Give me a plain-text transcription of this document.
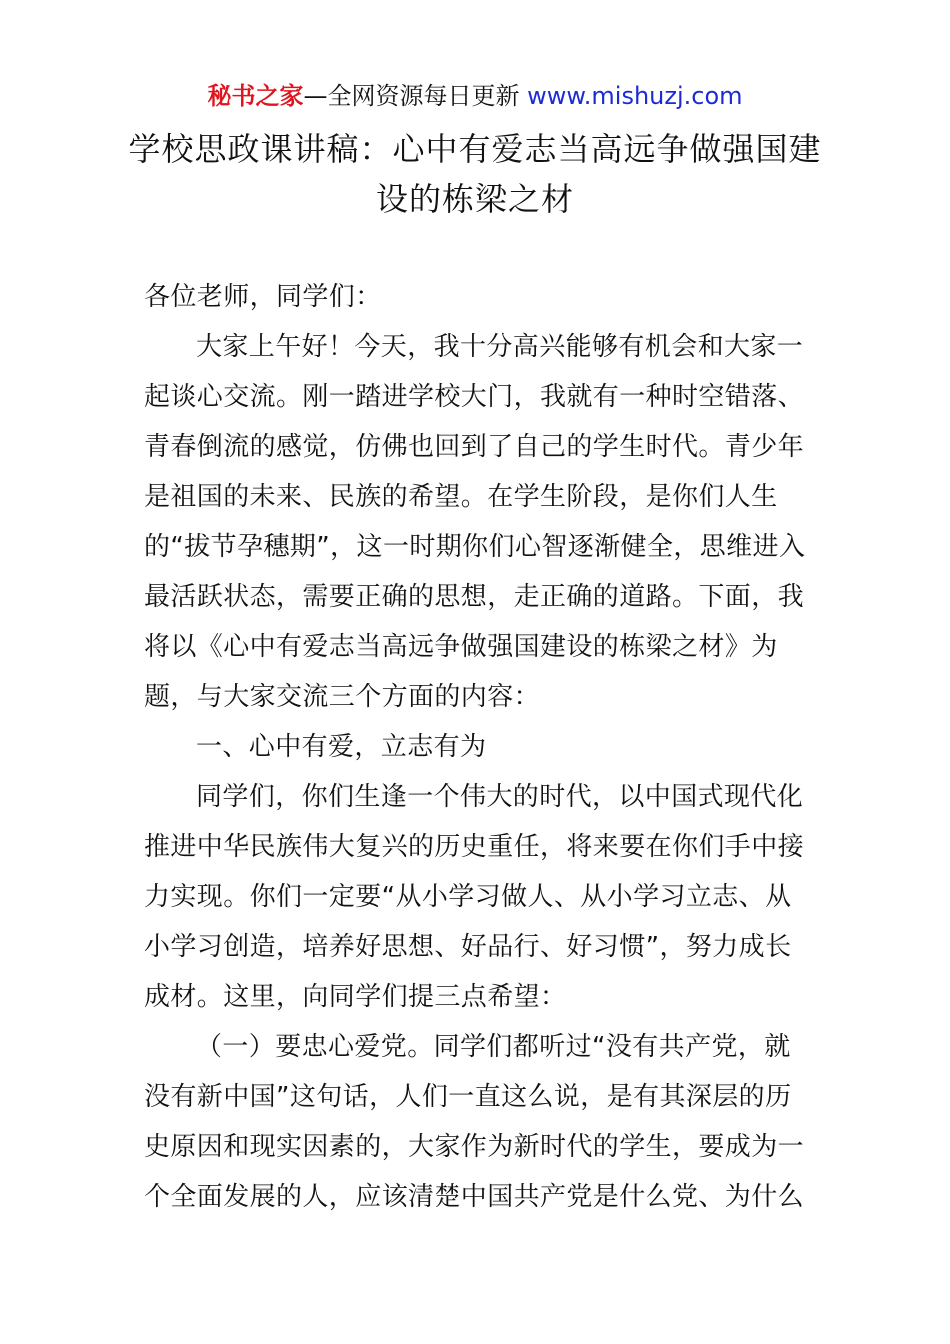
秘书之家—全网资源每日更新 www.mishuzj.com
学校思政课讲稿：心中有爱志当高远争做强国建设的栋梁之材

各位老师，同学们：

大家上午好！今天，我十分高兴能够有机会和大家一起谈心交流。刚一踏进学校大门，我就有一种时空错落、青春倒流的感觉，仿佛也回到了自己的学生时代。青少年是祖国的未来、民族的希望。在学生阶段，是你们人生的“拔节孕穗期”，这一时期你们心智逐渐健全，思维进入最活跃状态，需要正确的思想，走正确的道路。下面，我将以《心中有爱志当高远争做强国建设的栋梁之材》为题，与大家交流三个方面的内容：

一、心中有爱，立志有为

同学们，你们生逢一个伟大的时代，以中国式现代化推进中华民族伟大复兴的历史重任，将来要在你们手中接力实现。你们一定要“从小学习做人、从小学习立志、从小学习创造，培养好思想、好品行、好习惯”，努力成长成材。这里，向同学们提三点希望：

（一）要忠心爱党。同学们都听过“没有共产党，就没有新中国”这句话，人们一直这么说，是有其深层的历史原因和现实因素的，大家作为新时代的学生，要成为一个全面发展的人，应该清楚中国共产党是什么党、为什么
